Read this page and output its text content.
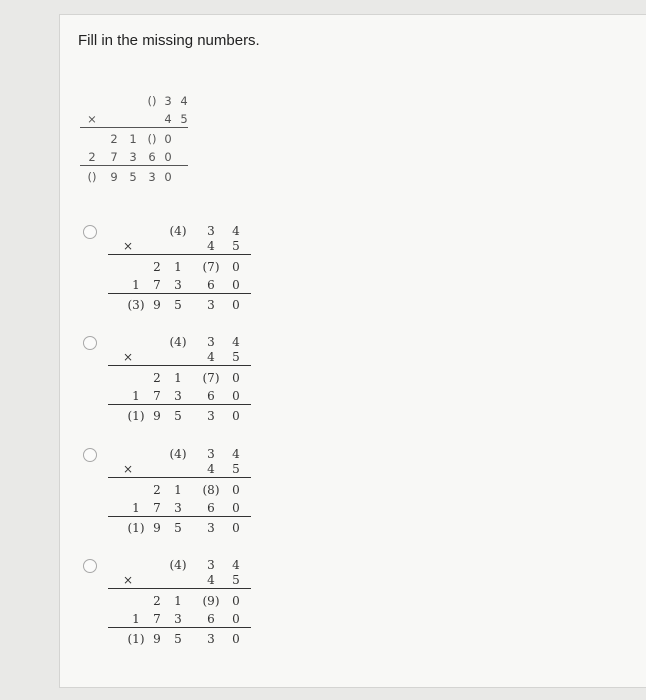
Fill in the missing numbers.
() 3 4
×	4 5
2 1 () 0
2 7 3 6 0
() 9 5 3 0
(4) 3 4
×	4 5
2 1 (7) 0
1 7 3 6 0
(3) 9 5 3 0
(4) 3 4
×	4 5
2 1 (7) 0
1 7 3 6 0
(1) 9 5 3 0
(4) 3 4
×	4 5
2 1 (8) 0
1 7 3 6 0
(1) 9 5 3 0
(4) 3 4
×	4 5
2 1 (9) 0
1 7 3 6 0
(1) 9 5 3 0
